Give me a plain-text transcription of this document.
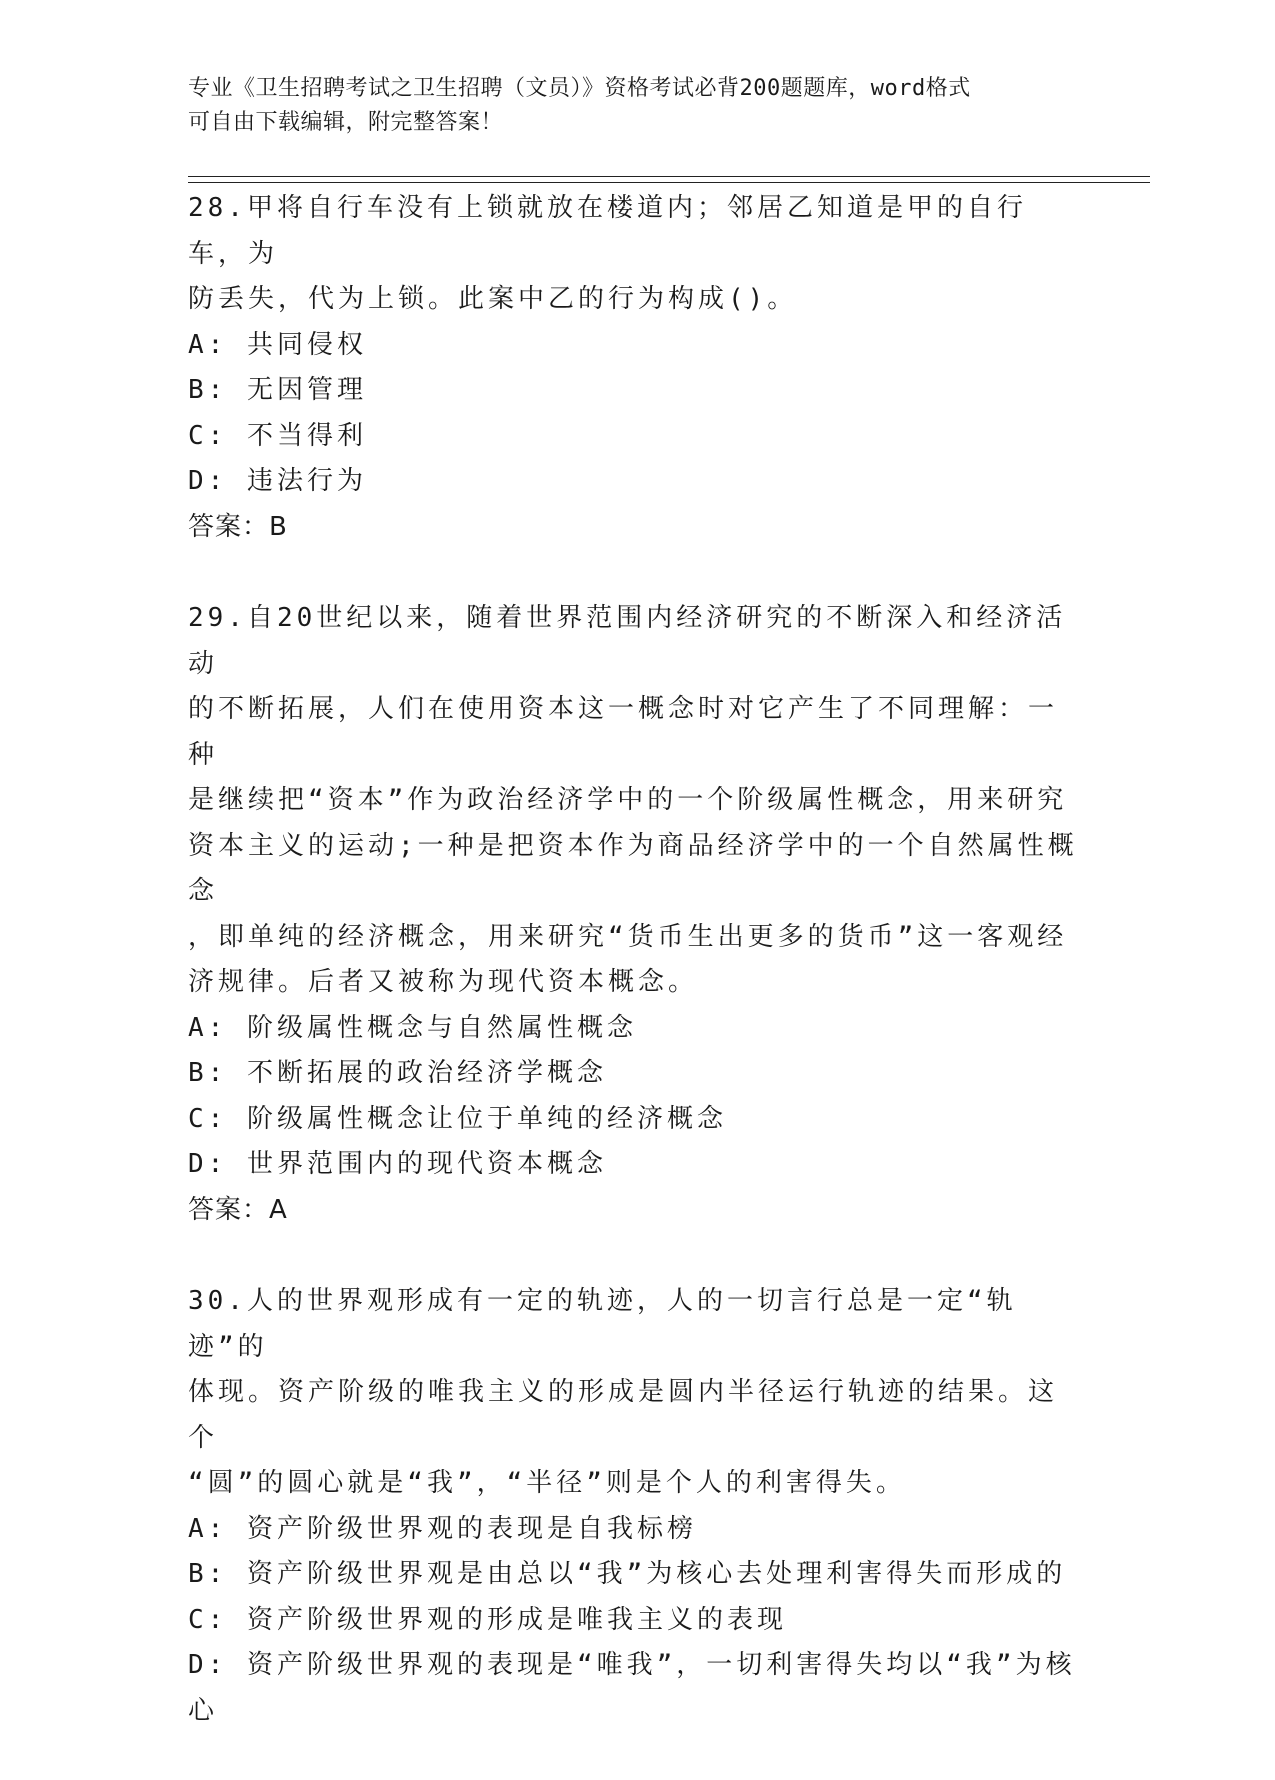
专业《卫生招聘考试之卫生招聘（文员）》资格考试必背200题题库，word格式
可自由下载编辑，附完整答案！

28.甲将自行车没有上锁就放在楼道内；邻居乙知道是甲的自行车，为

防丢失，代为上锁。此案中乙的行为构成()。

A: 共同侵权

B: 无因管理

C: 不当得利

D: 违法行为

答案：B

29.自20世纪以来，随着世界范围内经济研究的不断深入和经济活动

的不断拓展，人们在使用资本这一概念时对它产生了不同理解：一种

是继续把“资本”作为政治经济学中的一个阶级属性概念，用来研究

资本主义的运动;一种是把资本作为商品经济学中的一个自然属性概念

，即单纯的经济概念，用来研究“货币生出更多的货币”这一客观经

济规律。后者又被称为现代资本概念。

A: 阶级属性概念与自然属性概念

B: 不断拓展的政治经济学概念

C: 阶级属性概念让位于单纯的经济概念

D: 世界范围内的现代资本概念

答案：A

30.人的世界观形成有一定的轨迹，人的一切言行总是一定“轨迹”的

体现。资产阶级的唯我主义的形成是圆内半径运行轨迹的结果。这个

“圆”的圆心就是“我”，“半径”则是个人的利害得失。

A: 资产阶级世界观的表现是自我标榜

B: 资产阶级世界观是由总以“我”为核心去处理利害得失而形成的

C: 资产阶级世界观的形成是唯我主义的表现

D: 资产阶级世界观的表现是“唯我”，一切利害得失均以“我”为核

心
